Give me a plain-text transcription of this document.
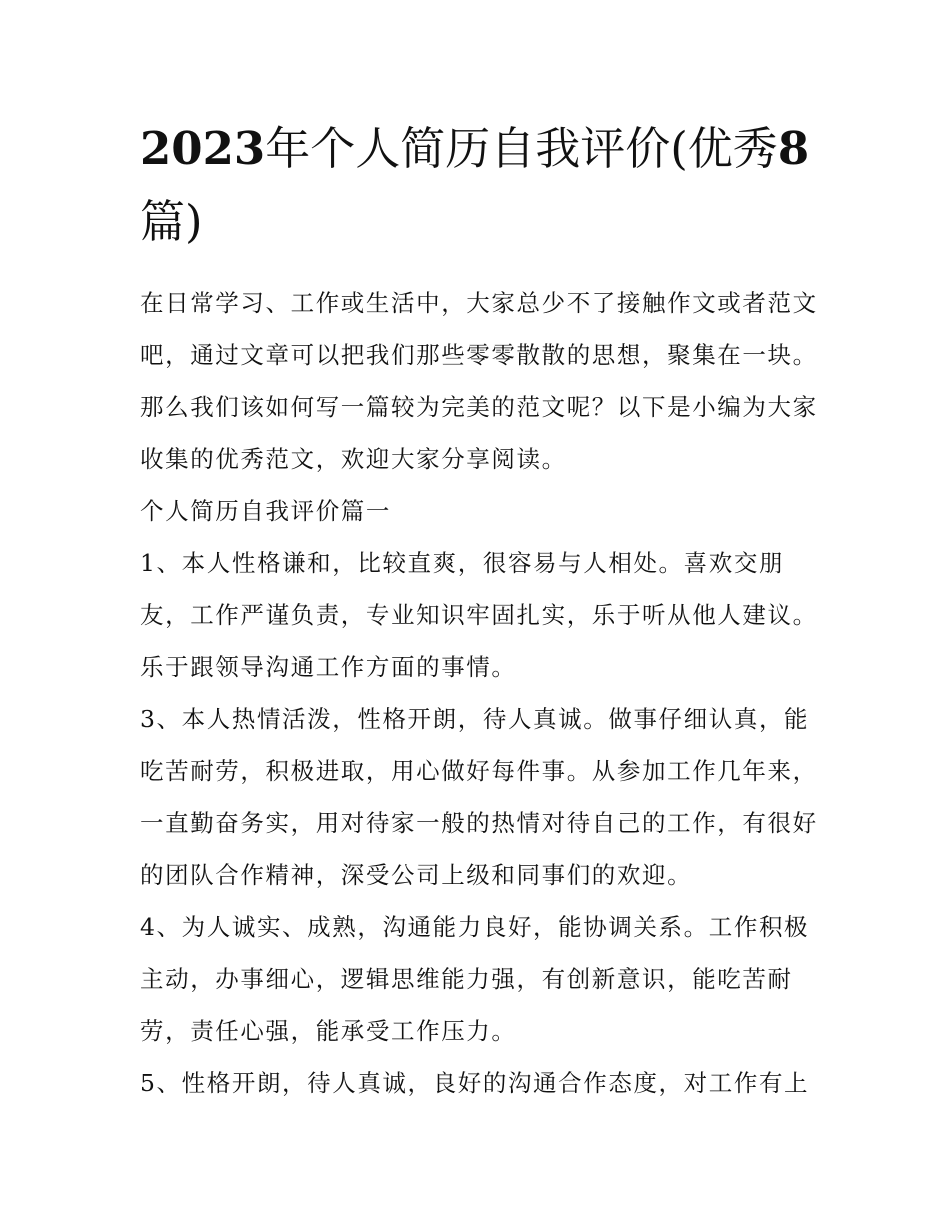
2023年个人简历自我评价(优秀8篇)

在日常学习、工作或生活中，大家总少不了接触作文或者范文吧，通过文章可以把我们那些零零散散的思想，聚集在一块。那么我们该如何写一篇较为完美的范文呢？以下是小编为大家收集的优秀范文，欢迎大家分享阅读。

个人简历自我评价篇一

1、本人性格谦和，比较直爽，很容易与人相处。喜欢交朋友，工作严谨负责，专业知识牢固扎实，乐于听从他人建议。乐于跟领导沟通工作方面的事情。

3、本人热情活泼，性格开朗，待人真诚。做事仔细认真，能吃苦耐劳，积极进取，用心做好每件事。从参加工作几年来，一直勤奋务实，用对待家一般的热情对待自己的工作，有很好的团队合作精神，深受公司上级和同事们的欢迎。

4、为人诚实、成熟，沟通能力良好，能协调关系。工作积极主动，办事细心，逻辑思维能力强，有创新意识，能吃苦耐劳，责任心强，能承受工作压力。

5、性格开朗，待人真诚，良好的沟通合作态度，对工作有上
